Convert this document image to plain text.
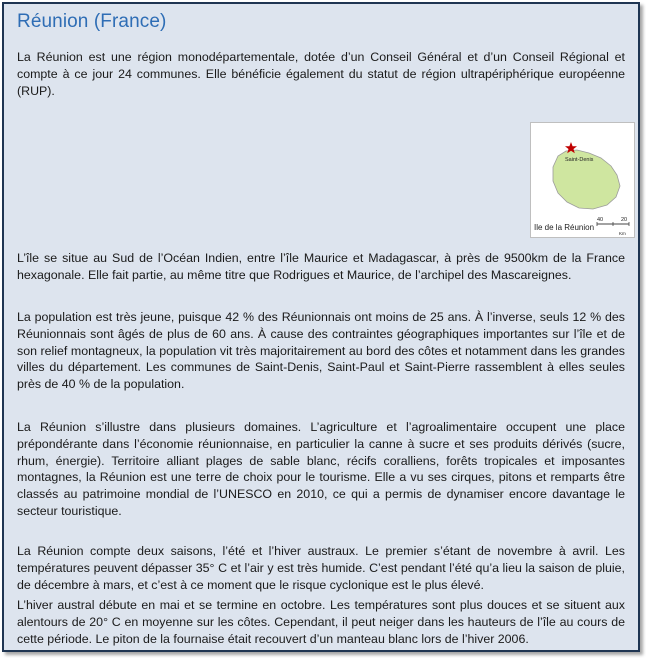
Réunion (France)

La Réunion est une région monodépartementale, dotée d’un Conseil Général et d’un Conseil Régional et compte à ce jour 24 communes. Elle bénéficie également du statut de région ultrapériphérique européenne (RUP).

Saint-Denis
40	20
Km
Ile de la Réunion

L’île se situe au Sud de l’Océan Indien, entre l’île Maurice et Madagascar, à près de 9500km de la France hexagonale. Elle fait partie, au même titre que Rodrigues et Maurice, de l’archipel des Mascareignes.

La population est très jeune, puisque 42 % des Réunionnais ont moins de 25 ans. À l’inverse, seuls 12 % des Réunionnais sont âgés de plus de 60 ans. À cause des contraintes géographiques importantes sur l’île et de son relief montagneux, la population vit très majoritairement au bord des côtes et notamment dans les grandes villes du département. Les communes de Saint-Denis, Saint-Paul et Saint-Pierre rassemblent à elles seules près de 40 % de la population.

La Réunion s’illustre dans plusieurs domaines. L’agriculture et l’agroalimentaire occupent une place prépondérante dans l’économie réunionnaise, en particulier la canne à sucre et ses produits dérivés (sucre, rhum, énergie). Territoire alliant plages de sable blanc, récifs coralliens, forêts tropicales et imposantes montagnes, la Réunion est une terre de choix pour le tourisme. Elle a vu ses cirques, pitons et remparts être classés au patrimoine mondial de l’UNESCO en 2010, ce qui a permis de dynamiser encore davantage le secteur touristique.

La Réunion compte deux saisons, l’été et l’hiver austraux. Le premier s’étant de novembre à avril. Les températures peuvent dépasser 35° C et l’air y est très humide. C’est pendant l’été qu’a lieu la saison de pluie, de décembre à mars, et c’est à ce moment que le risque cyclonique est le plus élevé.

L’hiver austral débute en mai et se termine en octobre. Les températures sont plus douces et se situent aux alentours de 20° C en moyenne sur les côtes. Cependant, il peut neiger dans les hauteurs de l’île au cours de cette période. Le piton de la fournaise était recouvert d’un manteau blanc lors de l’hiver 2006.
